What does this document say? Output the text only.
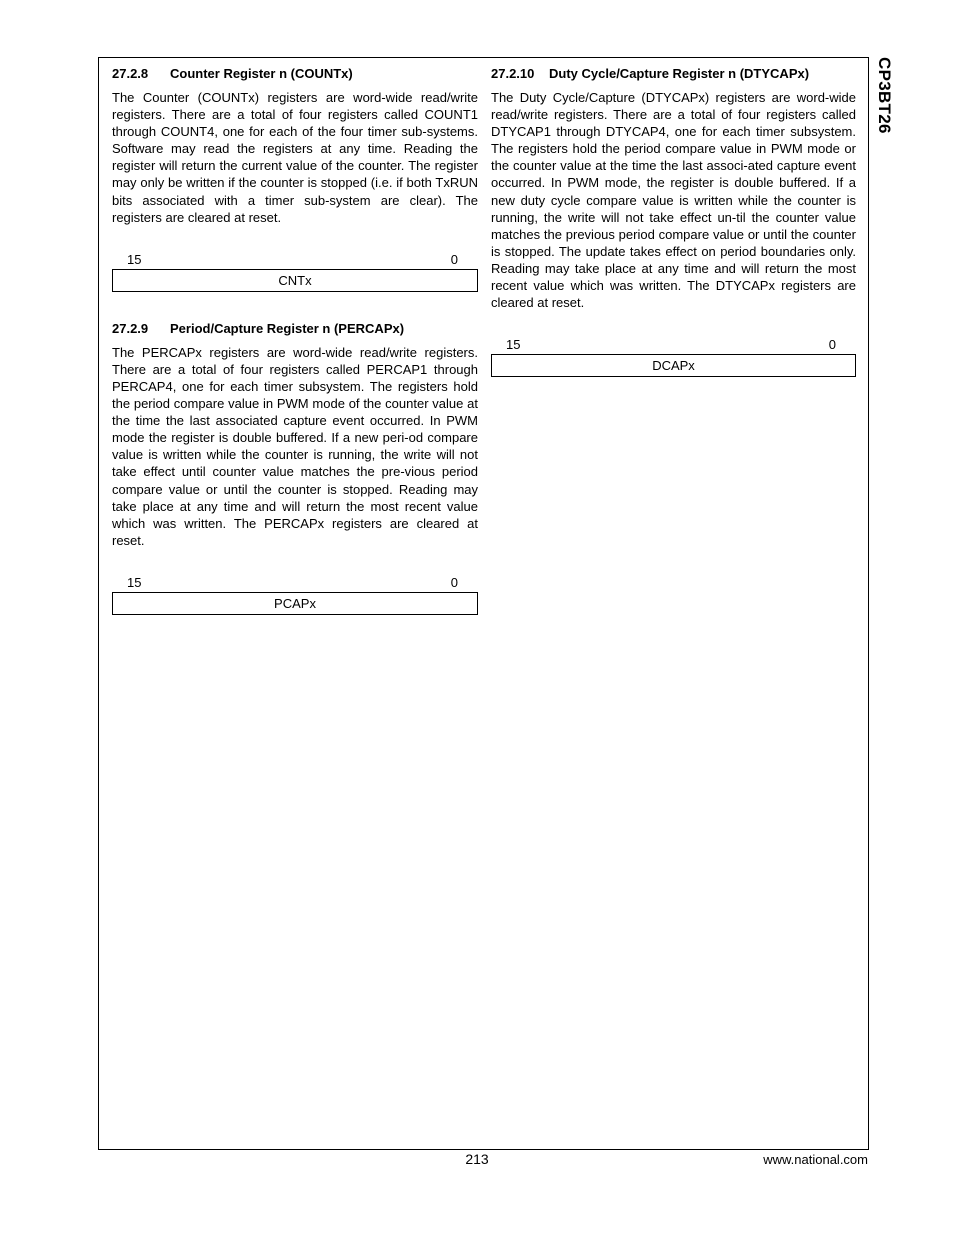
CP3BT26
27.2.8 Counter Register n (COUNTx)

The Counter (COUNTx) registers are word-wide read/write registers. There are a total of four registers called COUNT1 through COUNT4, one for each of the four timer sub-systems. Software may read the registers at any time. Reading the register will return the current value of the counter. The register may only be written if the counter is stopped (i.e. if both TxRUN bits associated with a timer sub-system are clear). The registers are cleared at reset.

15	0
CNTx
27.2.9 Period/Capture Register n (PERCAPx)

The PERCAPx registers are word-wide read/write registers. There are a total of four registers called PERCAP1 through PERCAP4, one for each timer subsystem. The registers hold the period compare value in PWM mode of the counter value at the time the last associated capture event occurred. In PWM mode the register is double buffered. If a new peri-od compare value is written while the counter is running, the write will not take effect until counter value matches the pre-vious period compare value or until the counter is stopped. Reading may take place at any time and will return the most recent value which was written. The PERCAPx registers are cleared at reset.

15	0
PCAPx
27.2.10 Duty Cycle/Capture Register n (DTYCAPx)

The Duty Cycle/Capture (DTYCAPx) registers are word-wide read/write registers. There are a total of four registers called DTYCAP1 through DTYCAP4, one for each timer subsystem. The registers hold the period compare value in PWM mode or the counter value at the time the last associ-ated capture event occurred. In PWM mode, the register is double buffered. If a new duty cycle compare value is written while the counter is running, the write will not take effect un-til the counter value matches the previous period compare value or until the counter is stopped. The update takes effect on period boundaries only. Reading may take place at any time and will return the most recent value which was written. The DTYCAPx registers are cleared at reset.

15	0
DCAPx
213	www.national.com
